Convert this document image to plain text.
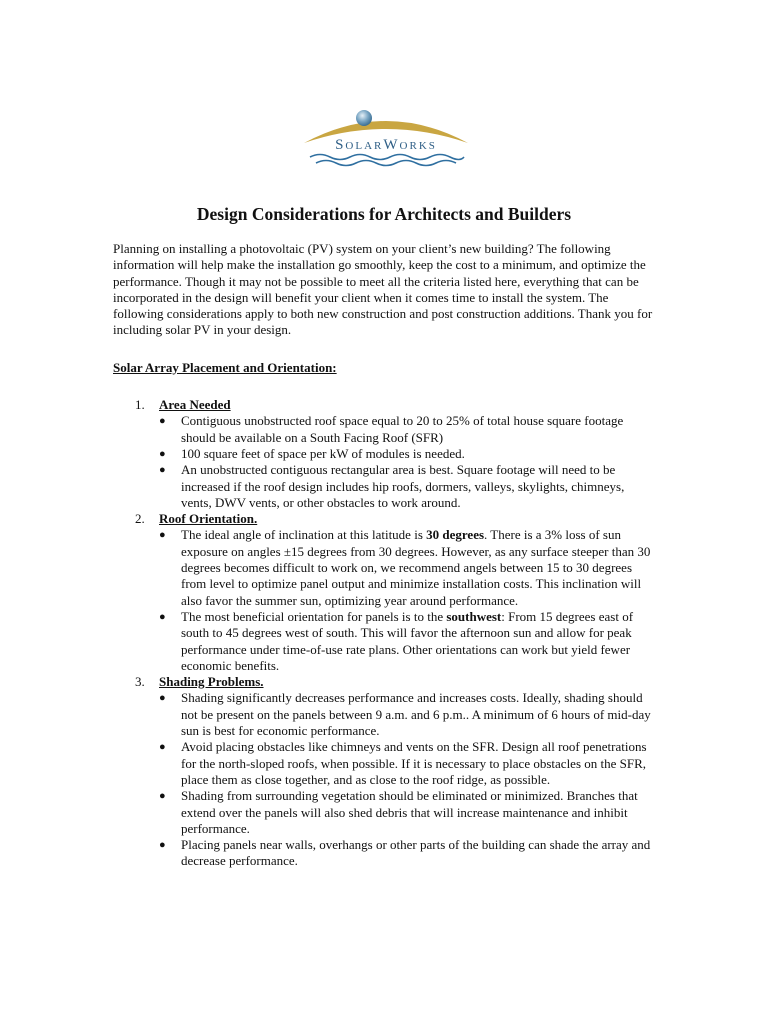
SolarWorks
Design Considerations for Architects and Builders

Planning on installing a photovoltaic (PV) system on your client’s new building? The following information will help make the installation go smoothly, keep the cost to a minimum, and optimize the performance. Though it may not be possible to meet all the criteria listed here, everything that can be incorporated in the design will benefit your client when it comes time to install the system. The following considerations apply to both new construction and post construction additions. Thank you for including solar PV in your design.

Solar Array Placement and Orientation:
1. Area Needed
● Contiguous unobstructed roof space equal to 20 to 25% of total house square footage should be available on a South Facing Roof (SFR)
● 100 square feet of space per kW of modules is needed.
● An unobstructed contiguous rectangular area is best. Square footage will need to be increased if the roof design includes hip roofs, dormers, valleys, skylights, chimneys, vents, DWV vents, or other obstacles to work around.
2. Roof Orientation.
● The ideal angle of inclination at this latitude is 30 degrees. There is a 3% loss of sun exposure on angles ±15 degrees from 30 degrees. However, as any surface steeper than 30 degrees becomes difficult to work on, we recommend angels between 15 to 30 degrees from level to optimize panel output and minimize installation costs. This inclination will also favor the summer sun, optimizing year around performance.
● The most beneficial orientation for panels is to the southwest: From 15 degrees east of south to 45 degrees west of south. This will favor the afternoon sun and allow for peak performance under time-of-use rate plans. Other orientations can work but yield fewer economic benefits.
3. Shading Problems.
● Shading significantly decreases performance and increases costs. Ideally, shading should not be present on the panels between 9 a.m. and 6 p.m.. A minimum of 6 hours of mid-day sun is best for economic performance.
● Avoid placing obstacles like chimneys and vents on the SFR. Design all roof penetrations for the north-sloped roofs, when possible. If it is necessary to place obstacles on the SFR, place them as close together, and as close to the roof ridge, as possible.
● Shading from surrounding vegetation should be eliminated or minimized. Branches that extend over the panels will also shed debris that will increase maintenance and inhibit performance.
● Placing panels near walls, overhangs or other parts of the building can shade the array and decrease performance.
